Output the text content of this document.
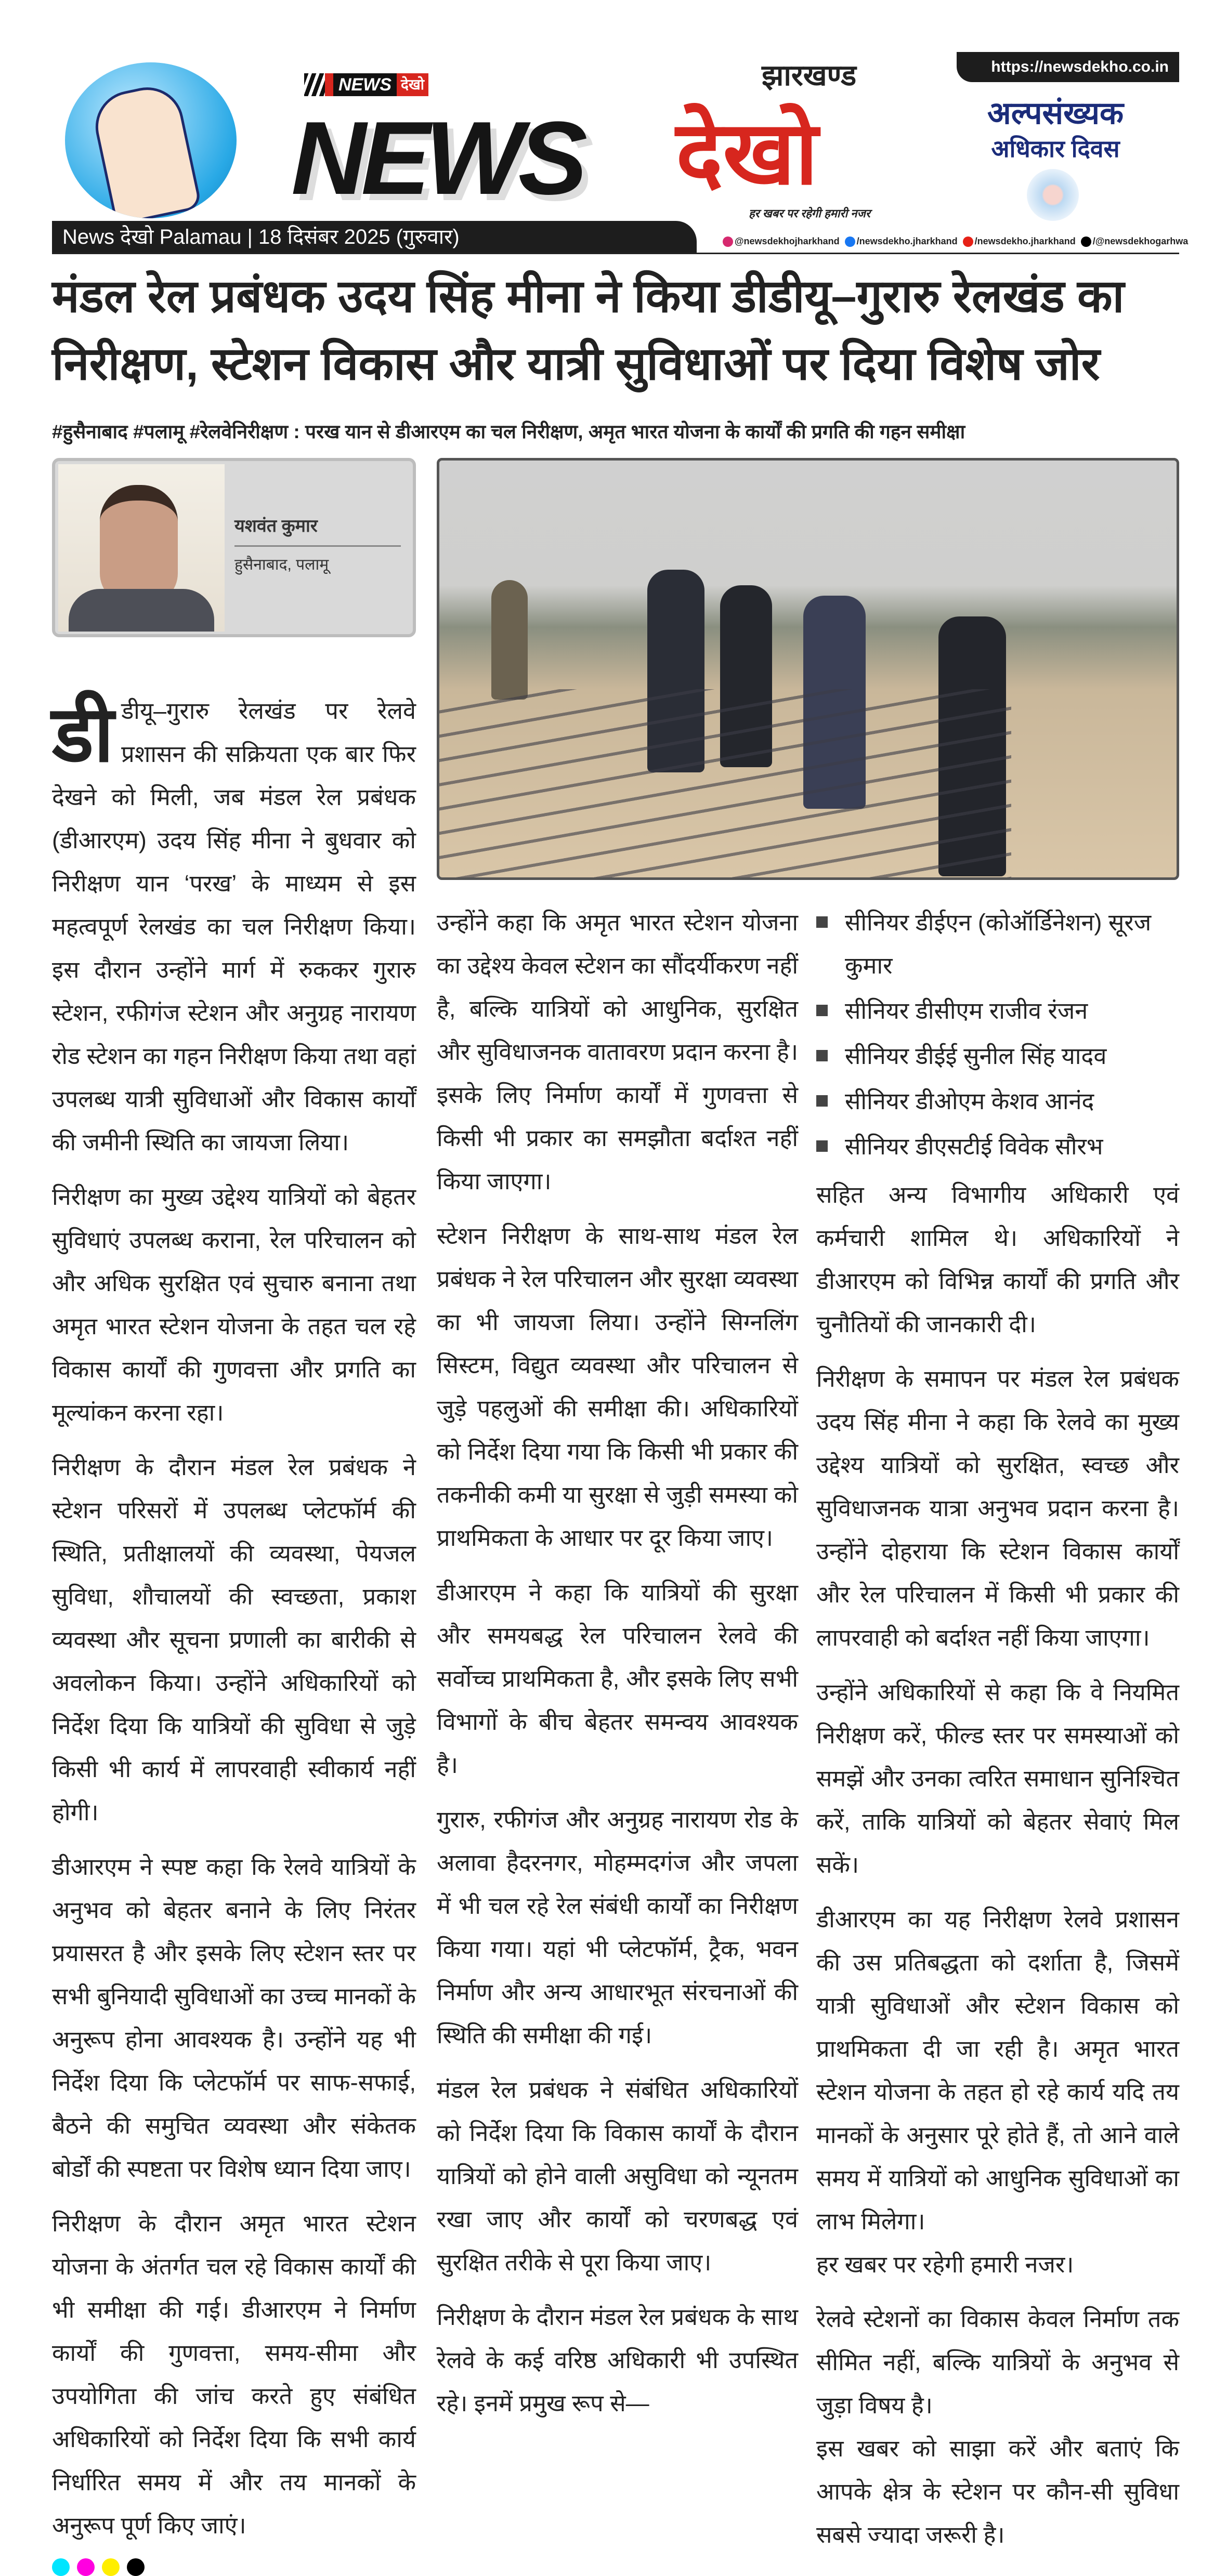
NEWS देखो
NEWS
झारखण्ड
देखो
हर खबर पर रहेगी हमारी नजर
https://newsdekho.co.in
अल्पसंख्यक
अधिकार दिवस
News देखो Palamau | 18 दिसंबर 2025 (गुरुवार)	@newsdekhojharkhand	/newsdekho.jharkhand	/newsdekho.jharkhand	/@newsdekhogarhwa
मंडल रेल प्रबंधक उदय सिंह मीना ने किया डीडीयू–गुरारु रेलखंड का निरीक्षण, स्टेशन विकास और यात्री सुविधाओं पर दिया विशेष जोर
#हुसैनाबाद #पलामू #रेलवेनिरीक्षण : परख यान से डीआरएम का चल निरीक्षण, अमृत भारत योजना के कार्यों की प्रगति की गहन समीक्षा
यशवंत कुमार
हुसैनाबाद, पलामू
डी डीयू–गुरारु रेलखंड पर रेलवे प्रशासन की सक्रियता एक बार फिर देखने को मिली, जब मंडल रेल प्रबंधक (डीआरएम) उदय सिंह मीना ने बुधवार को निरीक्षण यान ‘परख’ के माध्यम से इस महत्वपूर्ण रेलखंड का चल निरीक्षण किया। इस दौरान उन्होंने मार्ग में रुककर गुरारु स्टेशन, रफीगंज स्टेशन और अनुग्रह नारायण रोड स्टेशन का गहन निरीक्षण किया तथा वहां उपलब्ध यात्री सुविधाओं और विकास कार्यों की जमीनी स्थिति का जायजा लिया।

निरीक्षण का मुख्य उद्देश्य यात्रियों को बेहतर सुविधाएं उपलब्ध कराना, रेल परिचालन को और अधिक सुरक्षित एवं सुचारु बनाना तथा अमृत भारत स्टेशन योजना के तहत चल रहे विकास कार्यों की गुणवत्ता और प्रगति का मूल्यांकन करना रहा।

निरीक्षण के दौरान मंडल रेल प्रबंधक ने स्टेशन परिसरों में उपलब्ध प्लेटफॉर्म की स्थिति, प्रतीक्षालयों की व्यवस्था, पेयजल सुविधा, शौचालयों की स्वच्छता, प्रकाश व्यवस्था और सूचना प्रणाली का बारीकी से अवलोकन किया। उन्होंने अधिकारियों को निर्देश दिया कि यात्रियों की सुविधा से जुड़े किसी भी कार्य में लापरवाही स्वीकार्य नहीं होगी।

डीआरएम ने स्पष्ट कहा कि रेलवे यात्रियों के अनुभव को बेहतर बनाने के लिए निरंतर प्रयासरत है और इसके लिए स्टेशन स्तर पर सभी बुनियादी सुविधाओं का उच्च मानकों के अनुरूप होना आवश्यक है। उन्होंने यह भी निर्देश दिया कि प्लेटफॉर्म पर साफ-सफाई, बैठने की समुचित व्यवस्था और संकेतक बोर्डों की स्पष्टता पर विशेष ध्यान दिया जाए।

निरीक्षण के दौरान अमृत भारत स्टेशन योजना के अंतर्गत चल रहे विकास कार्यों की भी समीक्षा की गई। डीआरएम ने निर्माण कार्यों की गुणवत्ता, समय-सीमा और उपयोगिता की जांच करते हुए संबंधित अधिकारियों को निर्देश दिया कि सभी कार्य निर्धारित समय में और तय मानकों के अनुरूप पूर्ण किए जाएं।

उन्होंने कहा कि अमृत भारत स्टेशन योजना का उद्देश्य केवल स्टेशन का सौंदर्यीकरण नहीं है, बल्कि यात्रियों को आधुनिक, सुरक्षित और सुविधाजनक वातावरण प्रदान करना है। इसके लिए निर्माण कार्यों में गुणवत्ता से किसी भी प्रकार का समझौता बर्दाश्त नहीं किया जाएगा।

स्टेशन निरीक्षण के साथ-साथ मंडल रेल प्रबंधक ने रेल परिचालन और सुरक्षा व्यवस्था का भी जायजा लिया। उन्होंने सिग्नलिंग सिस्टम, विद्युत व्यवस्था और परिचालन से जुड़े पहलुओं की समीक्षा की। अधिकारियों को निर्देश दिया गया कि किसी भी प्रकार की तकनीकी कमी या सुरक्षा से जुड़ी समस्या को प्राथमिकता के आधार पर दूर किया जाए।

डीआरएम ने कहा कि यात्रियों की सुरक्षा और समयबद्ध रेल परिचालन रेलवे की सर्वोच्च प्राथमिकता है, और इसके लिए सभी विभागों के बीच बेहतर समन्वय आवश्यक है।

गुरारु, रफीगंज और अनुग्रह नारायण रोड के अलावा हैदरनगर, मोहम्मदगंज और जपला में भी चल रहे रेल संबंधी कार्यों का निरीक्षण किया गया। यहां भी प्लेटफॉर्म, ट्रैक, भवन निर्माण और अन्य आधारभूत संरचनाओं की स्थिति की समीक्षा की गई।

मंडल रेल प्रबंधक ने संबंधित अधिकारियों को निर्देश दिया कि विकास कार्यों के दौरान यात्रियों को होने वाली असुविधा को न्यूनतम रखा जाए और कार्यों को चरणबद्ध एवं सुरक्षित तरीके से पूरा किया जाए।

निरीक्षण के दौरान मंडल रेल प्रबंधक के साथ रेलवे के कई वरिष्ठ अधिकारी भी उपस्थित रहे। इनमें प्रमुख रूप से—

सीनियर डीईएन (कोऑर्डिनेशन) सूरज कुमार
सीनियर डीसीएम राजीव रंजन
सीनियर डीईई सुनील सिंह यादव
सीनियर डीओएम केशव आनंद
सीनियर डीएसटीई विवेक सौरभ

सहित अन्य विभागीय अधिकारी एवं कर्मचारी शामिल थे। अधिकारियों ने डीआरएम को विभिन्न कार्यों की प्रगति और चुनौतियों की जानकारी दी।

निरीक्षण के समापन पर मंडल रेल प्रबंधक उदय सिंह मीना ने कहा कि रेलवे का मुख्य उद्देश्य यात्रियों को सुरक्षित, स्वच्छ और सुविधाजनक यात्रा अनुभव प्रदान करना है। उन्होंने दोहराया कि स्टेशन विकास कार्यों और रेल परिचालन में किसी भी प्रकार की लापरवाही को बर्दाश्त नहीं किया जाएगा।

उन्होंने अधिकारियों से कहा कि वे नियमित निरीक्षण करें, फील्ड स्तर पर समस्याओं को समझें और उनका त्वरित समाधान सुनिश्चित करें, ताकि यात्रियों को बेहतर सेवाएं मिल सकें।

डीआरएम का यह निरीक्षण रेलवे प्रशासन की उस प्रतिबद्धता को दर्शाता है, जिसमें यात्री सुविधाओं और स्टेशन विकास को प्राथमिकता दी जा रही है। अमृत भारत स्टेशन योजना के तहत हो रहे कार्य यदि तय मानकों के अनुसार पूरे होते हैं, तो आने वाले समय में यात्रियों को आधुनिक सुविधाओं का लाभ मिलेगा।

हर खबर पर रहेगी हमारी नजर।

रेलवे स्टेशनों का विकास केवल निर्माण तक सीमित नहीं, बल्कि यात्रियों के अनुभव से जुड़ा विषय है।

इस खबर को साझा करें और बताएं कि आपके क्षेत्र के स्टेशन पर कौन-सी सुविधा सबसे ज्यादा जरूरी है।
